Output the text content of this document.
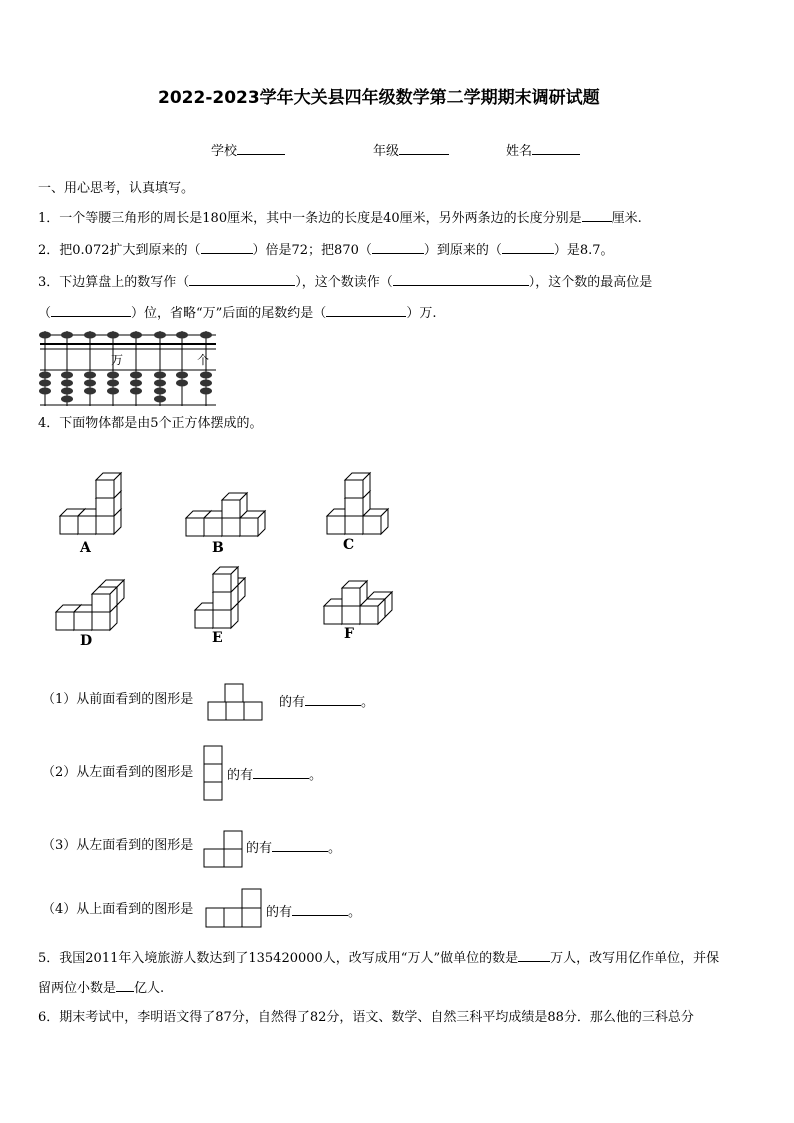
2022-2023学年大关县四年级数学第二学期期末调研试题
学校	年级	姓名
一、用心思考，认真填写。
1．一个等腰三角形的周长是180厘米，其中一条边的长度是40厘米，另外两条边的长度分别是 厘米.
2．把0.072扩大到原来的（	）倍是72；把870（	）到原来的（	）是8.7。
3．下边算盘上的数写作（	），这个数读作（	），这个数的最高位是
（	）位，省略“万”后面的尾数约是（	）万.
万	个
4．下面物体都是由5个正方体摆成的。
A	B	C
D	E	F
（1）从前面看到的图形是	的有	。
（2）从左面看到的图形是	的有	。
（3）从左面看到的图形是	的有	。
（4）从上面看到的图形是	的有	。
5．我国2011年入境旅游人数达到了135420000人，改写成用“万人”做单位的数是 万人，改写用亿作单位，并保
留两位小数是 亿人.
6．期末考试中，李明语文得了87分，自然得了82分，语文、数学、自然三科平均成绩是88分．那么他的三科总分
